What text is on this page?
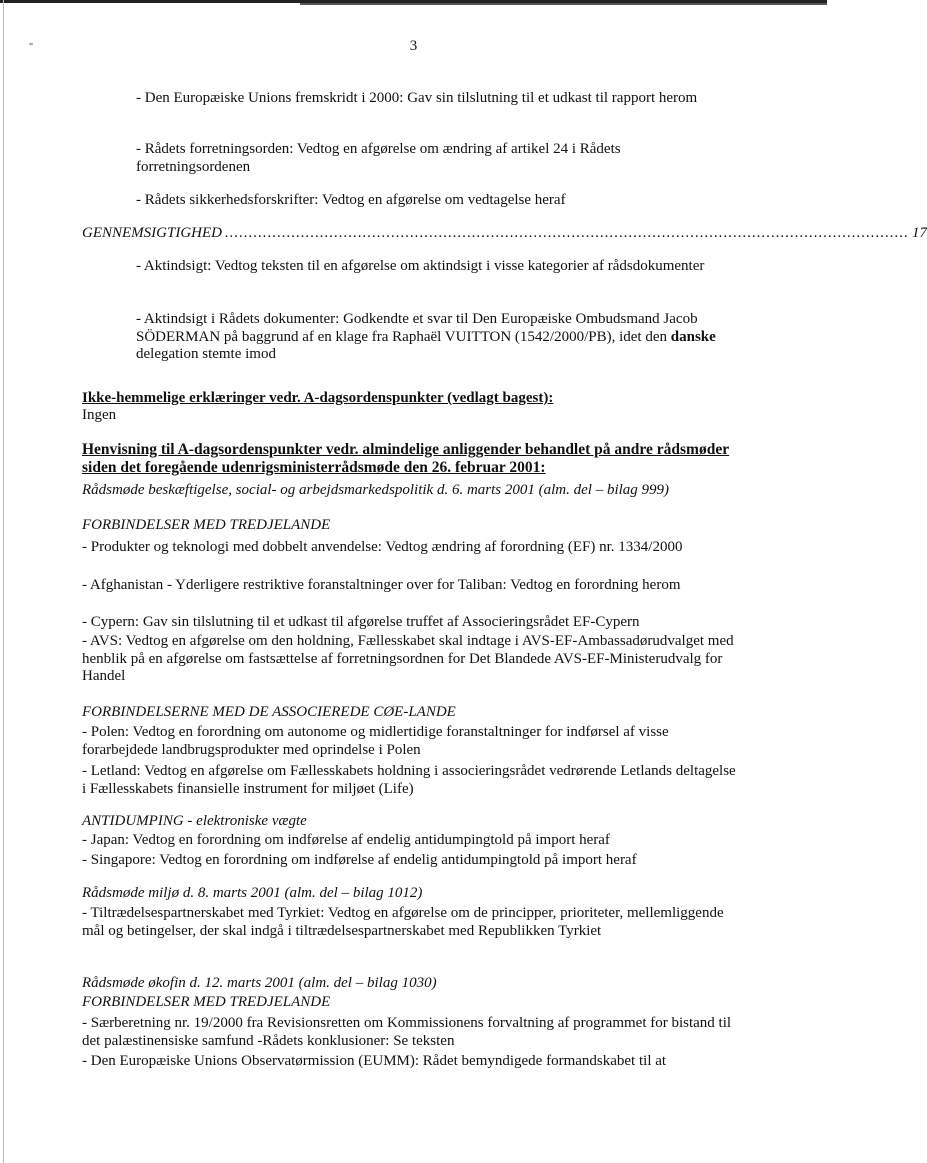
"	3

- Den Europæiske Unions fremskridt i 2000: Gav sin tilslutning til et udkast til rapport herom

- Rådets forretningsorden: Vedtog en afgørelse om ændring af artikel 24 i Rådets forretningsordenen

- Rådets sikkerhedsforskrifter: Vedtog en afgørelse om vedtagelse heraf

GENNEMSIGTIGHED ................................................................................................................................................ 17

- Aktindsigt: Vedtog teksten til en afgørelse om aktindsigt i visse kategorier af rådsdokumenter

- Aktindsigt i Rådets dokumenter: Godkendte et svar til Den Europæiske Ombudsmand Jacob SÖDERMAN på baggrund af en klage fra Raphaël VUITTON (1542/2000/PB), idet den danske delegation stemte imod

Ikke-hemmelige erklæringer vedr. A-dagsordenspunkter (vedlagt bagest):

Ingen

Henvisning til A-dagsordenspunkter vedr. almindelige anliggender behandlet på andre rådsmøder siden det foregående udenrigsministerrådsmøde den 26. februar 2001:

Rådsmøde beskæftigelse, social- og arbejdsmarkedspolitik d. 6. marts 2001 (alm. del – bilag 999)

FORBINDELSER MED TREDJELANDE

- Produkter og teknologi med dobbelt anvendelse: Vedtog ændring af forordning (EF) nr. 1334/2000

- Afghanistan - Yderligere restriktive foranstaltninger over for Taliban: Vedtog en forordning herom

- Cypern: Gav sin tilslutning til et udkast til afgørelse truffet af Associeringsrådet EF-Cypern

- AVS: Vedtog en afgørelse om den holdning, Fællesskabet skal indtage i AVS-EF-Ambassadørudvalget med henblik på en afgørelse om fastsættelse af forretningsordnen for Det Blandede AVS-EF-Ministerudvalg for Handel

FORBINDELSERNE MED DE ASSOCIEREDE CØE-LANDE

- Polen: Vedtog en forordning om autonome og midlertidige foranstaltninger for indførsel af visse forarbejdede landbrugsprodukter med oprindelse i Polen

- Letland: Vedtog en afgørelse om Fællesskabets holdning i associeringsrådet vedrørende Letlands deltagelse i Fællesskabets finansielle instrument for miljøet (Life)

ANTIDUMPING - elektroniske vægte

- Japan: Vedtog en forordning om indførelse af endelig antidumpingtold på import heraf

- Singapore: Vedtog en forordning om indførelse af endelig antidumpingtold på import heraf

Rådsmøde miljø d. 8. marts 2001 (alm. del – bilag 1012)

- Tiltrædelsespartnerskabet med Tyrkiet: Vedtog en afgørelse om de principper, prioriteter, mellemliggende mål og betingelser, der skal indgå i tiltrædelsespartnerskabet med Republikken Tyrkiet

Rådsmøde økofin d. 12. marts 2001 (alm. del – bilag 1030)

FORBINDELSER MED TREDJELANDE

- Særberetning nr. 19/2000 fra Revisionsretten om Kommissionens forvaltning af programmet for bistand til det palæstinensiske samfund -Rådets konklusioner: Se teksten

- Den Europæiske Unions Observatørmission (EUMM): Rådet bemyndigede formandskabet til at
